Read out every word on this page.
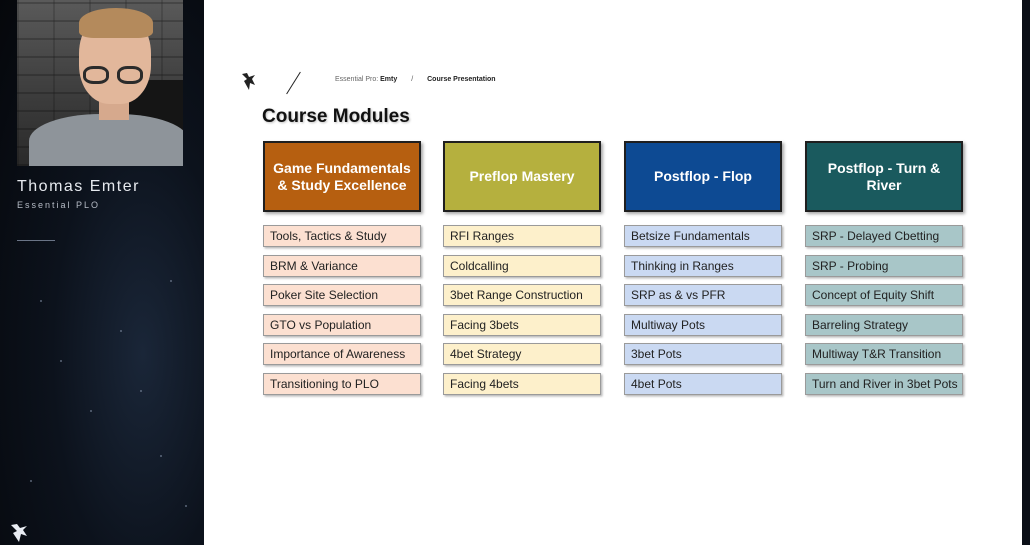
Thomas Emter
Essential PLO
Essential Pro: Emty / Course Presentation
Course Modules
Game Fundamentals & Study Excellence
Tools, Tactics & Study
BRM & Variance
Poker Site Selection
GTO vs Population
Importance of Awareness
Transitioning to PLO
Preflop Mastery
RFI Ranges
Coldcalling
3bet Range Construction
Facing 3bets
4bet Strategy
Facing 4bets
Postflop - Flop
Betsize Fundamentals
Thinking in Ranges
SRP as & vs PFR
Multiway Pots
3bet Pots
4bet Pots
Postflop - Turn & River
SRP - Delayed Cbetting
SRP - Probing
Concept of Equity Shift
Barreling Strategy
Multiway T&R Transition
Turn and River in 3bet Pots
